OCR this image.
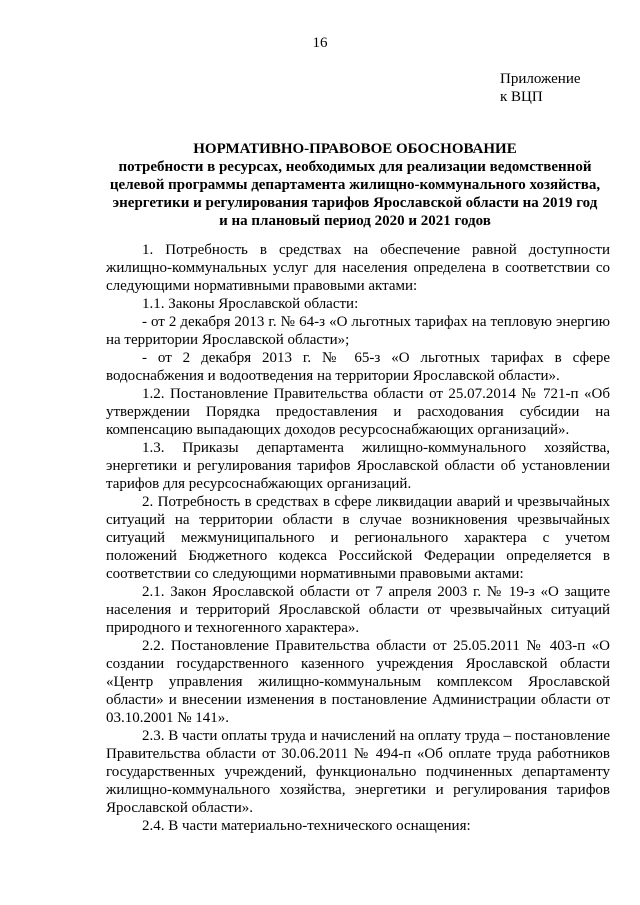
16
Приложение
к ВЦП
НОРМАТИВНО-ПРАВОВОЕ ОБОСНОВАНИЕ
потребности в ресурсах, необходимых для реализации ведомственной
целевой программы департамента жилищно-коммунального хозяйства,
энергетики и регулирования тарифов Ярославской области на 2019 год
и на плановый период 2020 и 2021 годов

1. Потребность в средствах на обеспечение равной доступности жилищно-коммунальных услуг для населения определена в соответствии со следующими нормативными правовыми актами:

1.1. Законы Ярославской области:

- от 2 декабря 2013 г. № 64-з «О льготных тарифах на тепловую энергию на территории Ярославской области»;

- от 2 декабря 2013 г. № 65-з «О льготных тарифах в сфере водоснабжения и водоотведения на территории Ярославской области».

1.2. Постановление Правительства области от 25.07.2014 № 721-п «Об утверждении Порядка предоставления и расходования субсидии на компенсацию выпадающих доходов ресурсоснабжающих организаций».

1.3. Приказы департамента жилищно-коммунального хозяйства, энергетики и регулирования тарифов Ярославской области об установлении тарифов для ресурсоснабжающих организаций.

2. Потребность в средствах в сфере ликвидации аварий и чрезвычайных ситуаций на территории области в случае возникновения чрезвычайных ситуаций межмуниципального и регионального характера с учетом положений Бюджетного кодекса Российской Федерации определяется в соответствии со следующими нормативными правовыми актами:

2.1. Закон Ярославской области от 7 апреля 2003 г. № 19-з «О защите населения и территорий Ярославской области от чрезвычайных ситуаций природного и техногенного характера».

2.2. Постановление Правительства области от 25.05.2011 № 403-п «О создании государственного казенного учреждения Ярославской области «Центр управления жилищно-коммунальным комплексом Ярославской области» и внесении изменения в постановление Администрации области от 03.10.2001 № 141».

2.3. В части оплаты труда и начислений на оплату труда – постановление Правительства области от 30.06.2011 № 494-п «Об оплате труда работников государственных учреждений, функционально подчиненных департаменту жилищно-коммунального хозяйства, энергетики и регулирования тарифов Ярославской области».

2.4. В части материально-технического оснащения:
